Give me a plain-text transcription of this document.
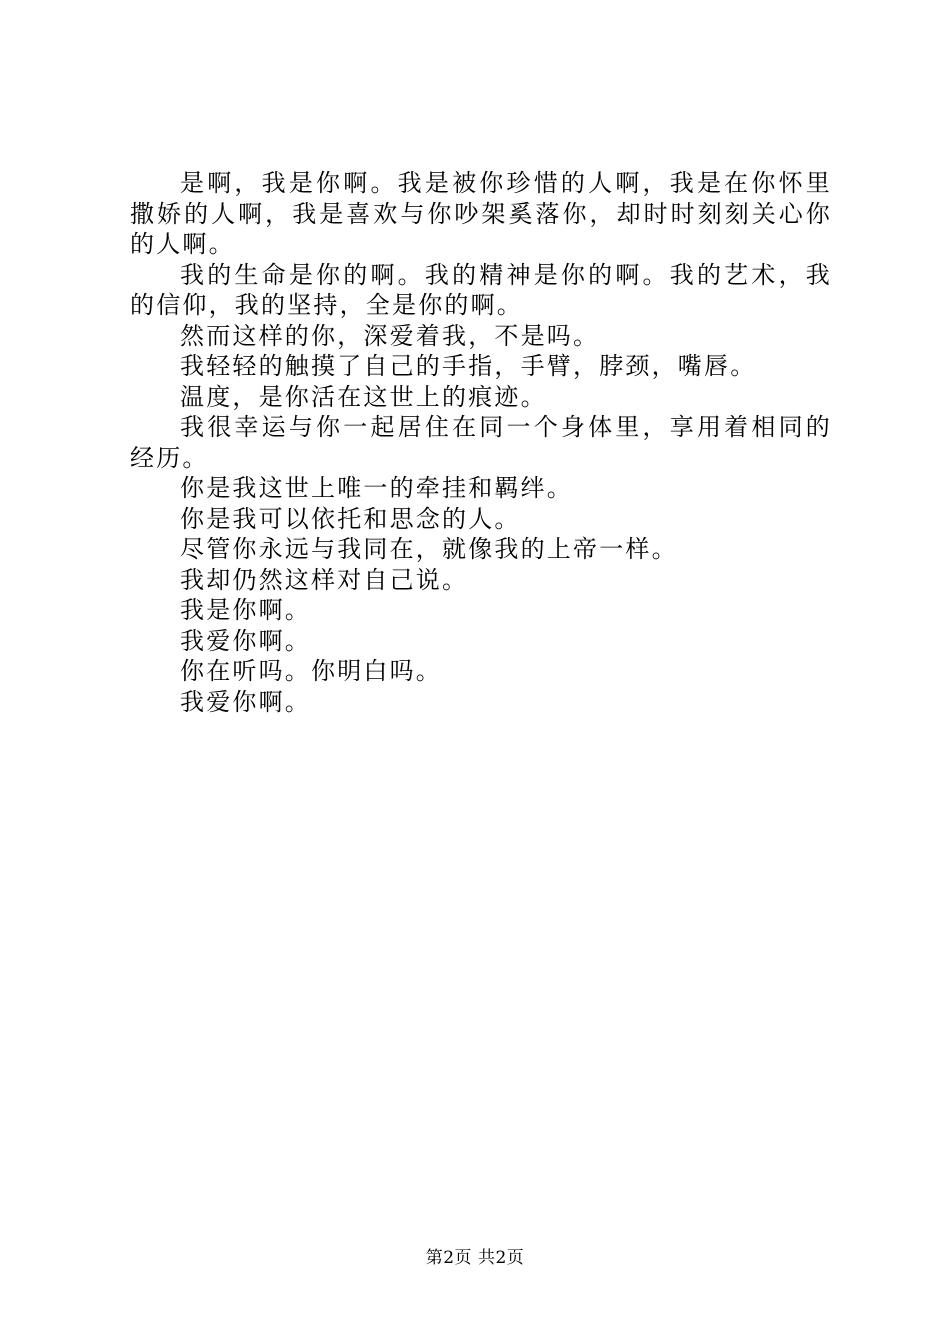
是啊，我是你啊。我是被你珍惜的人啊，我是在你怀里撒娇的人啊，我是喜欢与你吵架奚落你，却时时刻刻关心你的人啊。

我的生命是你的啊。我的精神是你的啊。我的艺术，我的信仰，我的坚持，全是你的啊。

然而这样的你，深爱着我，不是吗。

我轻轻的触摸了自己的手指，手臂，脖颈，嘴唇。

温度，是你活在这世上的痕迹。

我很幸运与你一起居住在同一个身体里，享用着相同的经历。

你是我这世上唯一的牵挂和羁绊。

你是我可以依托和思念的人。

尽管你永远与我同在，就像我的上帝一样。

我却仍然这样对自己说。

我是你啊。

我爱你啊。

你在听吗。你明白吗。

我爱你啊。

第2页 共2页
